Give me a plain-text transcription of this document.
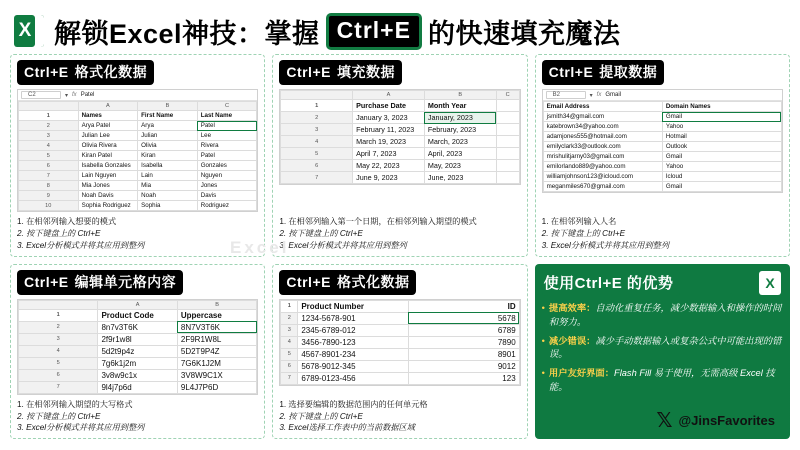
X 解锁Excel神技：掌握 Ctrl+E 的快速填充魔法
Ctrl+E 格式化数据
C2	▾ fx Patel
	A	B	C
1	Names	First Name	Last Name
2	Arya Patel	Arya	Patel
3	Julian Lee	Julian	Lee
4	Olivia Rivera	Olivia	Rivera
5	Kiran Patel	Kiran	Patel
6	Isabella Gonzales	Isabella	Gonzales
7	Lain Nguyen	Lain	Nguyen
8	Mia Jones	Mia	Jones
9	Noah Davis	Noah	Davis
10	Sophia Rodriguez	Sophia	Rodriguez
1. 在相邻列输入想要的模式
2. 按下键盘上的 Ctrl+E
3. Excel分析模式并将其应用到整列
Ctrl+E 填充数据
	A	B	C
1	Purchase Date	Month Year	
2	January 3, 2023	January, 2023	
3	February 11, 2023	February, 2023	
4	March 19, 2023	March, 2023	
5	April 7, 2023	April, 2023	
6	May 22, 2023	May, 2023	
7	June 9, 2023	June, 2023	
1. 在相邻列输入第一个日期，在相邻列输入期望的模式
2. 按下键盘上的 Ctrl+E
3. Excel分析模式并将其应用到整列
Ctrl+E 提取数据
B2	▾ fx Gmail
Email Address	Domain Names
jsmith34@gmail.com	Gmail
katebrown34@yahoo.com	Yahoo
adamjones555@hotmail.com	Hotmail
emilyclark33@outlook.com	Outlook
mrishulitjarny03@gmail.com	Gmail
emilorlando889@yahoo.com	Yahoo
williamjohnson123@icloud.com	Icloud
meganmiles670@gmail.com	Gmail
1. 在相邻列输入人名
2. 按下键盘上的 Ctrl+E
3. Excel分析模式并将其应用到整列
Ctrl+E 编辑单元格内容
	A	B
1	Product Code	Uppercase
2	8n7v3T6K	8N7V3T6K
3	2f9r1w8l	2F9R1W8L
4	5d2t9p4z	5D2T9P4Z
5	7g6k1j2m	7G6K1J2M
6	3v8w9c1x	3V8W9C1X
7	9l4j7p6d	9L4J7P6D
1. 在相邻列输入期望的大写格式
2. 按下键盘上的 Ctrl+E
3. Excel分析模式并将其应用到整列
Ctrl+E 格式化数据
1	Product Number	ID
2	1234-5678-901	5678
3	2345-6789-012	6789
4	3456-7890-123	7890
5	4567-8901-234	8901
6	5678-9012-345	9012
7	6789-0123-456	123
1. 选择要编辑的数据范围内的任何单元格
2. 按下键盘上的 Ctrl+E
3. Excel选择工作表中的当前数据区域
X
使用Ctrl+E 的优势
• 提高效率：自动化重复任务，减少数据输入和操作的时间和努力。
• 减少错误：减少手动数据输入或复杂公式中可能出现的错误。
• 用户友好界面：Flash Fill 易于使用，无需高级 Excel 技能。
𝕏 @JinsFavorites
Excel
